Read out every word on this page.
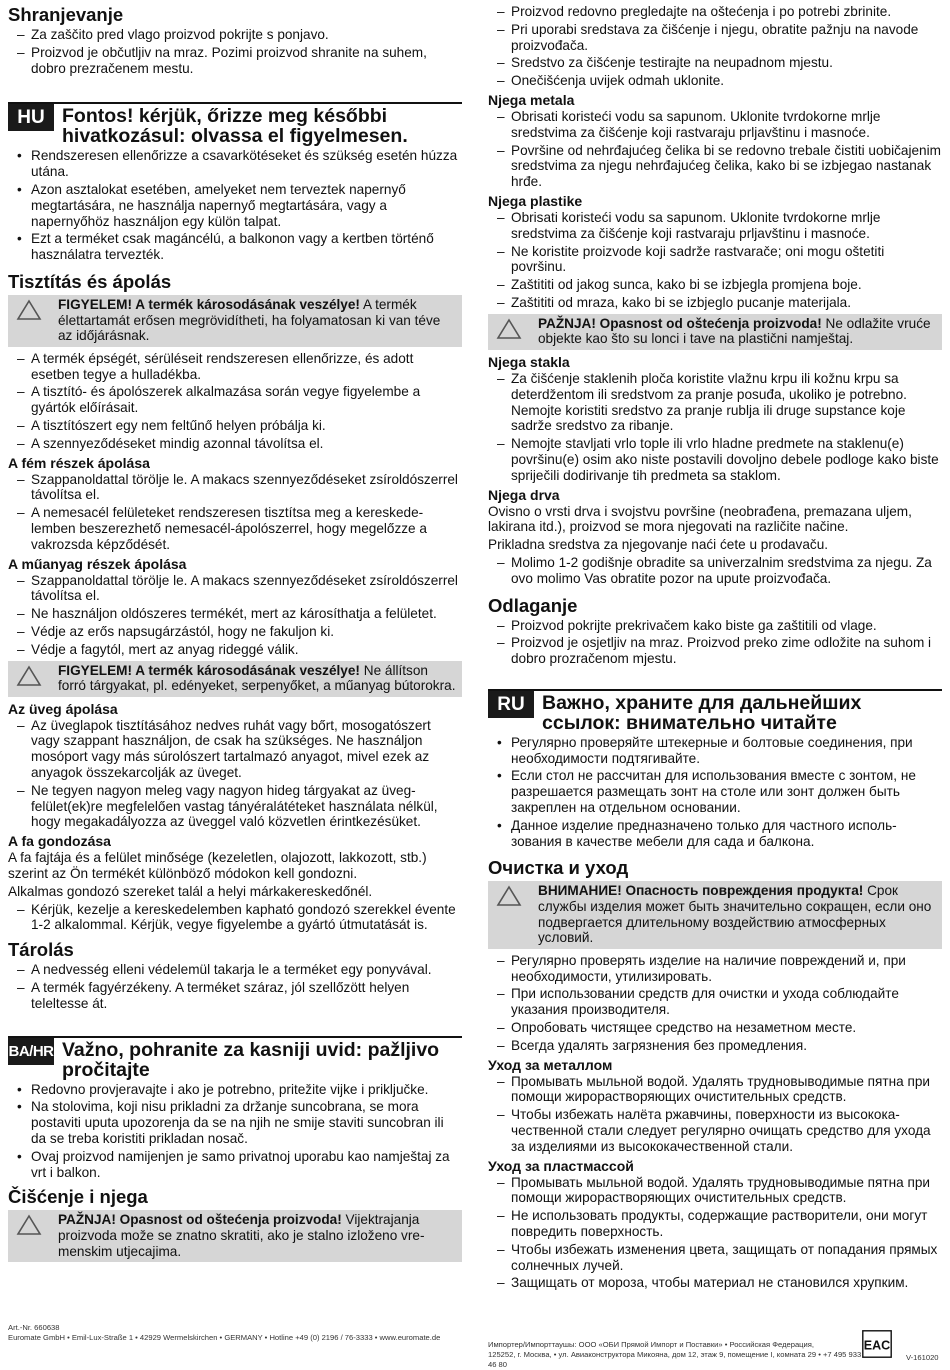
Shranjevanje
– Za zaščito pred vlago proizvod pokrijte s ponjavo.
– Proizvod je občutljiv na mraz. Pozimi proizvod shranite na suhem, dobro prezračenem mestu.
HU Fontos! kérjük, őrizze meg későbbi hivatkozásul: olvassa el figyelmesen.
• Rendszeresen ellenőrizze a csavarkötéseket és szükség esetén húzza utána.
• Azon asztalokat esetében, amelyeket nem terveztek napernyő megtartására, ne használja napernyő megtartására, vagy a napernyőhöz használjon egy külön talpat.
• Ezt a terméket csak magáncélú, a balkonon vagy a kertben történő használatra tervezték.
Tisztítás és ápolás
FIGYELEM! A termék károsodásának veszélye! A termék élettartamát erősen megrövidítheti, ha folyamatosan ki van téve az időjárásnak.
– A termék épségét, sérüléseit rendszeresen ellenőrizze, és adott esetben tegye a hulladékba.
– A tisztító- és ápolószerek alkalmazása során vegye figyelembe a gyártók előírásait.
– A tisztítószert egy nem feltűnő helyen próbálja ki.
– A szennyeződéseket mindig azonnal távolítsa el.
A fém részek ápolása
– Szappanoldattal törölje le. A makacs szennyeződéseket zsíroldószerrel távolítsa el.
– A nemesacél felületeket rendszeresen tisztítsa meg a kereskedelemben beszerezhető nemesacél-ápolószerrel, hogy megelőzze a vakrozsda képződését.
A műanyag részek ápolása
– Szappanoldattal törölje le. A makacs szennyeződéseket zsíroldószerrel távolítsa el.
– Ne használjon oldószeres termékét, mert az károsíthatja a felületet.
– Védje az erős napsugárzástól, hogy ne fakuljon ki.
– Védje a fagytól, mert az anyag rideggé válik.
FIGYELEM! A termék károsodásának veszélye! Ne állítson forró tárgyakat, pl. edényeket, serpenyőket, a műanyag bútorokra.
Az üveg ápolása
– Az üveglapok tisztításához nedves ruhát vagy bőrt, mosogatószert vagy szappant használjon, de csak ha szükséges. Ne használjon mosóport vagy más súrolószert tartalmazó anyagot, mivel ezek az anyagok összekarcolják az üveget.
– Ne tegyen nagyon meleg vagy nagyon hideg tárgyakat az üvegfelület(ek)re megfelelően vastag tányéralátéteket használata nélkül, hogy megakadályozza az üveggel való közvetlen érintkezésüket.
A fa gondozása

A fa fajtája és a felület minősége (kezeletlen, olajozott, lakkozott, stb.) szerint az Ön termékét különböző módokon kell gondozni.

Alkalmas gondozó szereket talál a helyi márkakereskedőnél.

– Kérjük, kezelje a kereskedelemben kapható gondozó szerekkel évente 1-2 alkalommal. Kérjük, vegye figyelembe a gyártó útmutatását is.
Tárolás
– A nedvesség elleni védelemül takarja le a terméket egy ponyvával.
– A termék fagyérzékeny. A terméket száraz, jól szellőzött helyen teleltesse át.
BA/HR Važno, pohranite za kasniji uvid: pažljivo pročitajte
• Redovno provjeravajte i ako je potrebno, pritežite vijke i priključke.
• Na stolovima, koji nisu prikladni za držanje suncobrana, se mora postaviti uputa upozorenja da se na njih ne smije staviti suncobran ili da se treba koristiti prikladan nosač.
• Ovaj proizvod namijenjen je samo privatnoj uporabu kao namještaj za vrt i balkon.
Čišćenje i njega
PAŽNJA! Opasnost od oštećenja proizvoda! Vijektrajanja proizvoda može se znatno skratiti, ako je stalno izloženo vremenskim utjecajima.
– Proizvod redovno pregledajte na oštećenja i po potrebi zbrinite.
– Pri uporabi sredstava za čišćenje i njegu, obratite pažnju na navode proizvođača.
– Sredstvo za čišćenje testirajte na neupadnom mjestu.
– Onečišćenja uvijek odmah uklonite.
Njega metala
– Obrisati koristeći vodu sa sapunom. Uklonite tvrdokorne mrlje sredstvima za čišćenje koji rastvaraju prljavštinu i masnoće.
– Površine od nehrđajućeg čelika bi se redovno trebale čistiti uobičajenim sredstvima za njegu nehrđajućeg čelika, kako bi se izbjegao nastanak hrđe.
Njega plastike
– Obrisati koristeći vodu sa sapunom. Uklonite tvrdokorne mrlje sredstvima za čišćenje koji rastvaraju prljavštinu i masnoće.
– Ne koristite proizvode koji sadrže rastvarače; oni mogu oštetiti površinu.
– Zaštititi od jakog sunca, kako bi se izbjegla promjena boje.
– Zaštititi od mraza, kako bi se izbjeglo pucanje materijala.
PAŽNJA! Opasnost od oštećenja proizvoda! Ne odlažite vruće objekte kao što su lonci i tave na plastični namještaj.
Njega stakla
– Za čišćenje staklenih ploča koristite vlažnu krpu ili kožnu krpu sa deterdžentom ili sredstvom za pranje posuđa, ukoliko je potrebno. Nemojte koristiti sredstvo za pranje rublja ili druge supstance koje sadrže sredstvo za ribanje.
– Nemojte stavljati vrlo tople ili vrlo hladne predmete na staklenu(e) površinu(e) osim ako niste postavili dovoljno debele podloge kako biste spriječili dodirivanje tih predmeta sa staklom.
Njega drva

Ovisno o vrsti drva i svojstvu površine (neobrađena, premazana uljem, lakirana itd.), proizvod se mora njegovati na različite načine.

Prikladna sredstva za njegovanje naći ćete u prodavaču.

– Molimo 1-2 godišnje obradite sa univerzalnim sredstvima za njegu. Za ovo molimo Vas obratite pozor na upute proizvođača.
Odlaganje
– Proizvod pokrijte prekrivačem kako biste ga zaštitili od vlage.
– Proizvod je osjetljiv na mraz. Proizvod preko zime odložite na suhom i dobro prozračenom mjestu.
RU Важно, храните для дальнейших ссылок: внимательно читайте
• Регулярно проверяйте штекерные и болтовые соединения, при необходимости подтягивайте.
• Если стол не рассчитан для использования вместе с зонтом, не разрешается размещать зонт на столе или зонт должен быть закреплен на отдельном основании.
• Данное изделие предназначено только для частного использования в качестве мебели для сада и балкона.
Очистка и уход
ВНИМАНИЕ! Опасность повреждения продукта! Срок службы изделия может быть значительно сокращен, если оно подвергается длительному воздействию атмосферных условий.
– Регулярно проверять изделие на наличие повреждений и, при необходимости, утилизировать.
– При использовании средств для очистки и ухода соблюдайте указания производителя.
– Опробовать чистящее средство на незаметном месте.
– Всегда удалять загрязнения без промедления.
Уход за металлом
– Промывать мыльной водой. Удалять трудновыводимые пятна при помощи жирорастворяющих очистительных средств.
– Чтобы избежать налёта ржавчины, поверхности из высококачественной стали следует регулярно очищать средство для ухода за изделиями из высококачественной стали.
Уход за пластмассой
– Промывать мыльной водой. Удалять трудновыводимые пятна при помощи жирорастворяющих очистительных средств.
– Не использовать продукты, содержащие растворители, они могут повредить поверхность.
– Чтобы избежать изменения цвета, защищать от попадания прямых солнечных лучей.
– Защищать от мороза, чтобы материал не становился хрупким.
Art.-Nr. 660638
Euromate GmbH • Emil-Lux-Straße 1 • 42929 Wermelskirchen • GERMANY • Hotline +49 (0) 2196 / 76-3333 • www.euromate.de
Импортер/Импорттаушы: ООО «ОБИ Прямой Импорт и Поставки» • Российская Федерация,
125252, г. Москва, • ул. Авиаконструктора Микояна, дом 12, этаж 9, помещение I, комната 29 • +7 495 933 46 80
EAC
V-161020
